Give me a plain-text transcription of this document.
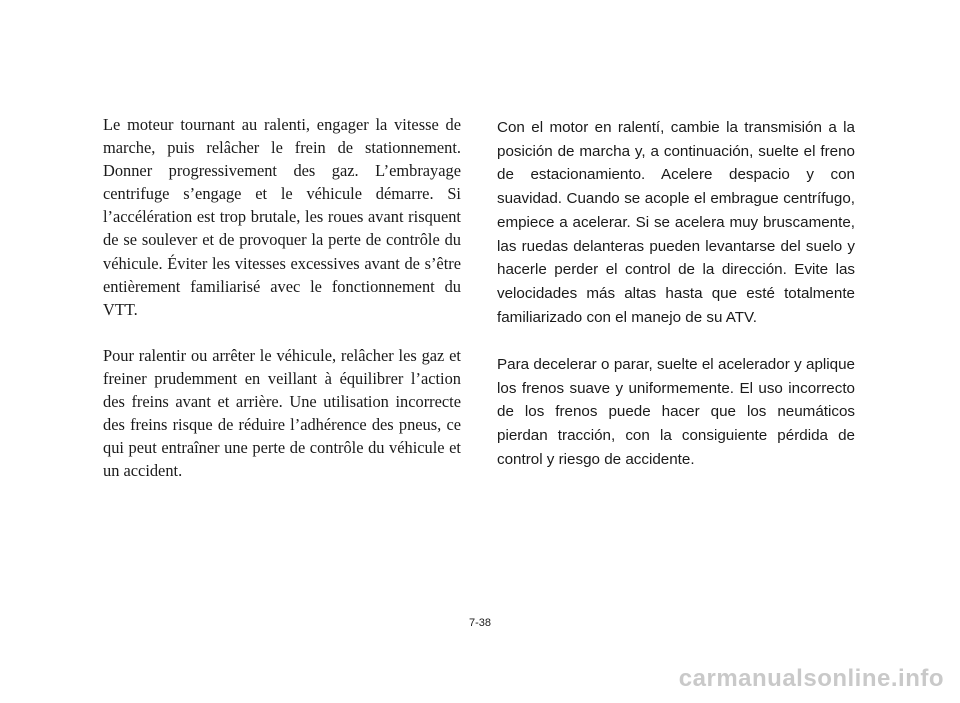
Le moteur tournant au ralenti, engager la vitesse de marche, puis relâcher le frein de stationnement. Donner progressivement des gaz. L’embrayage centrifuge s’engage et le véhicule démarre. Si l’accélération est trop brutale, les roues avant risquent de se soulever et de provoquer la perte de contrôle du véhicule. Éviter les vitesses excessives avant de s’être entièrement familiarisé avec le fonctionnement du VTT.

Pour ralentir ou arrêter le véhicule, relâcher les gaz et freiner prudemment en veillant à équilibrer l’action des freins avant et arrière. Une utilisation incorrecte des freins risque de réduire l’adhérence des pneus, ce qui peut entraîner une perte de contrôle du véhicule et un accident.

Con el motor en ralentí, cambie la transmisión a la posición de marcha y, a continuación, suelte el freno de estacionamiento. Acelere despacio y con suavidad. Cuando se acople el embrague centrífugo, empiece a acelerar. Si se acelera muy bruscamente, las ruedas delanteras pueden levantarse del suelo y hacerle perder el control de la dirección. Evite las velocidades más altas hasta que esté totalmente familiarizado con el manejo de su ATV.

Para decelerar o parar, suelte el acelerador y aplique los frenos suave y uniformemente. El uso incorrecto de los frenos puede hacer que los neumáticos pierdan tracción, con la consiguiente pérdida de control y riesgo de accidente.

7-38
carmanualsonline.info
